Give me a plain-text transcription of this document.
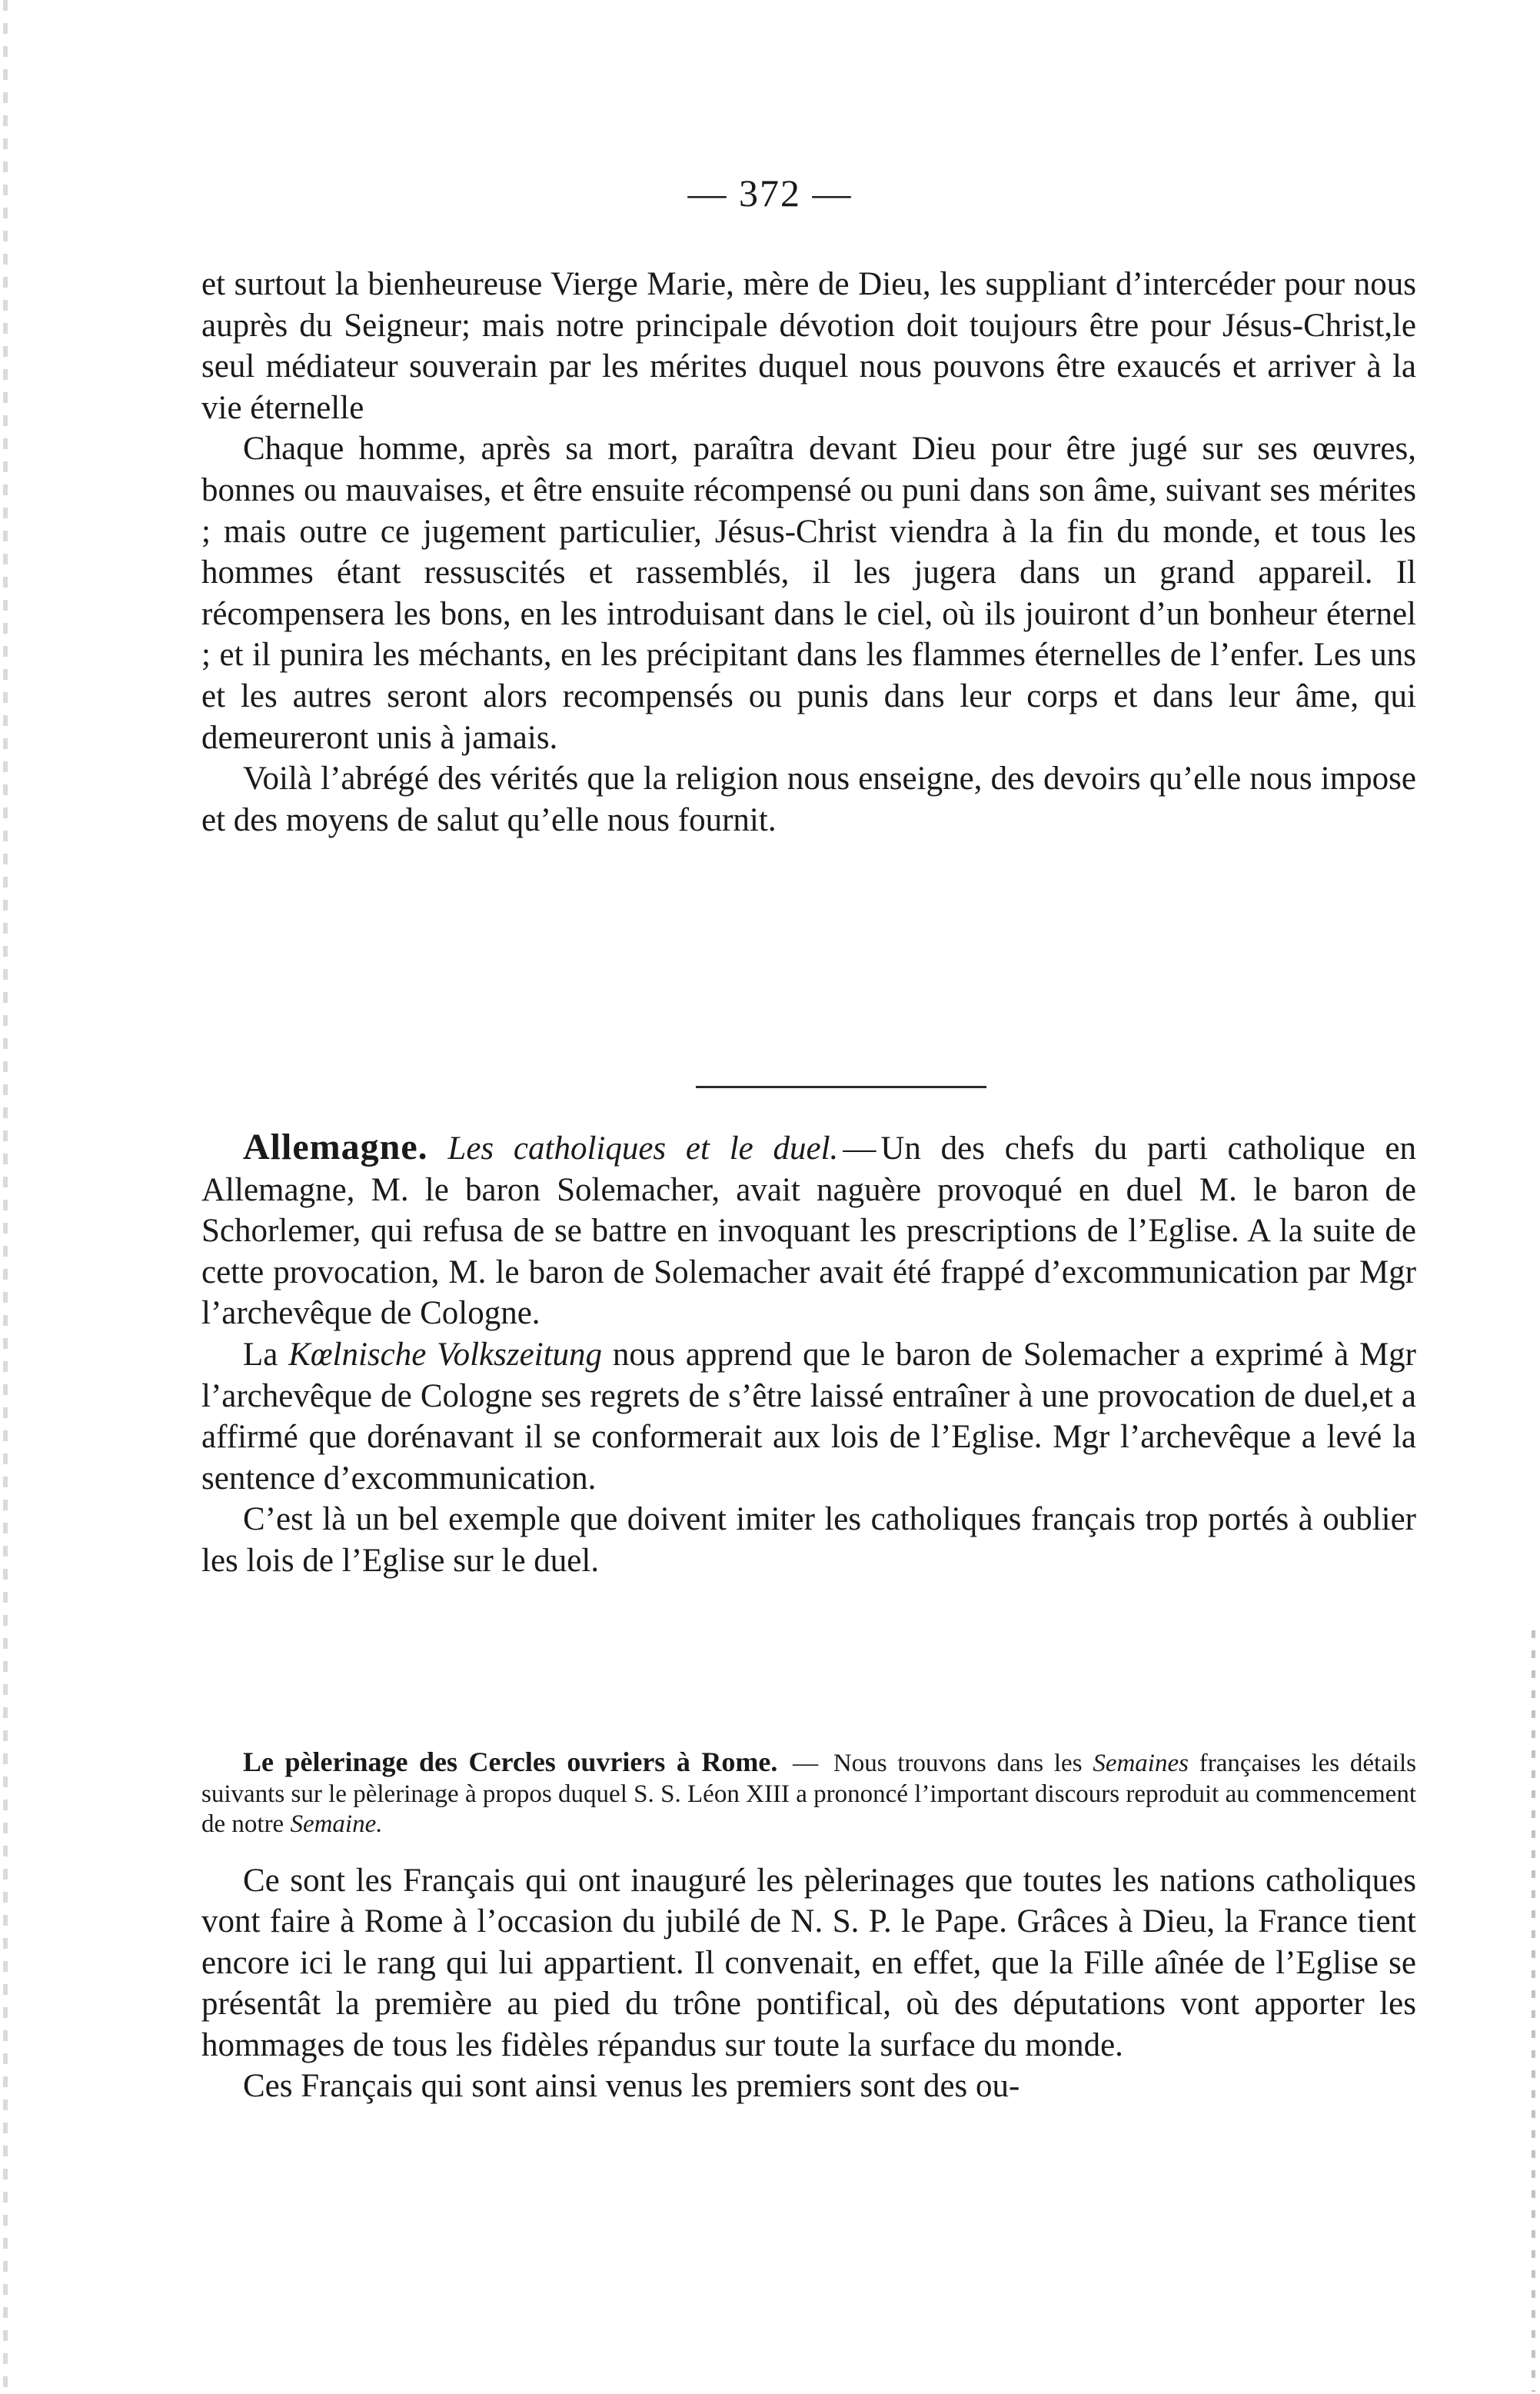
— 372 —

et surtout la bienheureuse Vierge Marie, mère de Dieu, les suppliant d’intercéder pour nous auprès du Seigneur; mais notre principale dévotion doit toujours être pour Jésus-Christ,le seul médiateur souverain par les mérites duquel nous pouvons être exaucés et arriver à la vie éternelle

Chaque homme, après sa mort, paraîtra devant Dieu pour être jugé sur ses œuvres, bonnes ou mauvaises, et être ensuite récompensé ou puni dans son âme, suivant ses mérites ; mais outre ce jugement particulier, Jésus-Christ viendra à la fin du monde, et tous les hommes étant ressuscités et rassemblés, il les jugera dans un grand appareil. Il récompensera les bons, en les introduisant dans le ciel, où ils jouiront d’un bonheur éternel ; et il punira les méchants, en les précipitant dans les flammes éternelles de l’enfer. Les uns et les autres seront alors recompensés ou punis dans leur corps et dans leur âme, qui demeureront unis à jamais.

Voilà l’abrégé des vérités que la religion nous enseigne, des devoirs qu’elle nous impose et des moyens de salut qu’elle nous fournit.

Allemagne. Les catholiques et le duel. — Un des chefs du parti catholique en Allemagne, M. le baron Solemacher, avait naguère provoqué en duel M. le baron de Schorlemer, qui refusa de se battre en invoquant les prescriptions de l’Eglise. A la suite de cette provocation, M. le baron de Solemacher avait été frappé d’excommunication par Mgr l’archevêque de Cologne.

La Kœlnische Volkszeitung nous apprend que le baron de Solemacher a exprimé à Mgr l’archevêque de Cologne ses regrets de s’être laissé entraîner à une provocation de duel,et a affirmé que dorénavant il se conformerait aux lois de l’Eglise. Mgr l’archevêque a levé la sentence d’excommunication.

C’est là un bel exemple que doivent imiter les catholiques français trop portés à oublier les lois de l’Eglise sur le duel.

Le pèlerinage des Cercles ouvriers à Rome. — Nous trouvons dans les Semaines françaises les détails suivants sur le pèlerinage à propos duquel S. S. Léon XIII a prononcé l’important discours reproduit au commencement de notre Semaine.

Ce sont les Français qui ont inauguré les pèlerinages que toutes les nations catholiques vont faire à Rome à l’occasion du jubilé de N. S. P. le Pape. Grâces à Dieu, la France tient encore ici le rang qui lui appartient. Il convenait, en effet, que la Fille aînée de l’Eglise se présentât la première au pied du trône pontifical, où des députations vont apporter les hommages de tous les fidèles répandus sur toute la surface du monde.

Ces Français qui sont ainsi venus les premiers sont des ou-
